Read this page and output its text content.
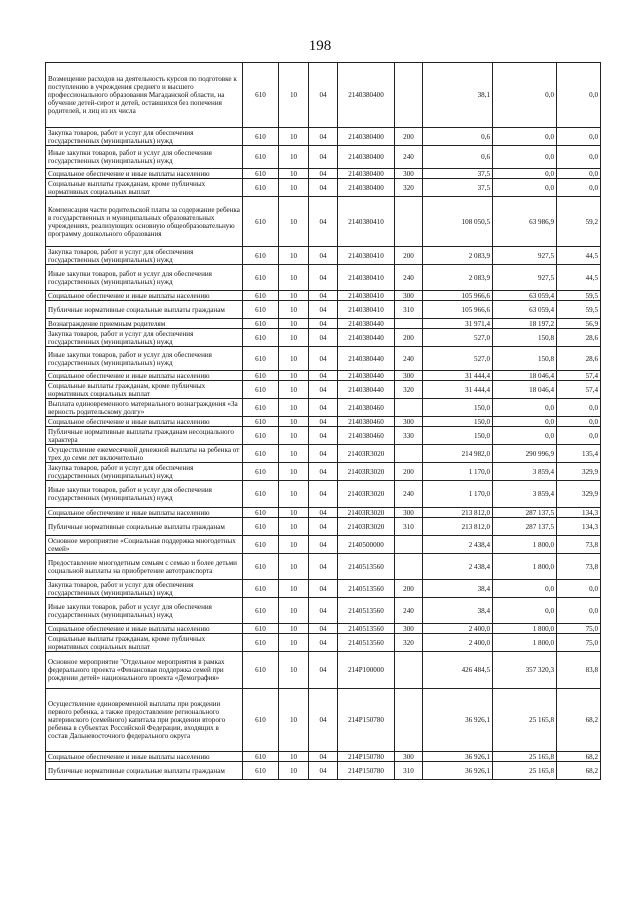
198
Возмещение расходов на деятельность курсов по подготовке к поступлению в учреждения среднего и высшего профессионального образования Магаданской области, на обучение детей-сирот и детей, оставшихся без попечения родителей, и лиц из их числа	610	10	04	2140380400		38,1	0,0	0,0
Закупка товаров, работ и услуг для обеспечения государственных (муниципальных) нужд	610	10	04	2140380400	200	0,6	0,0	0,0
Иные закупки товаров, работ и услуг для обеспечения государственных (муниципальных) нужд	610	10	04	2140380400	240	0,6	0,0	0,0
Социальное обеспечение и иные выплаты населению	610	10	04	2140380400	300	37,5	0,0	0,0
Социальные выплаты гражданам, кроме публичных нормативных социальных выплат	610	10	04	2140380400	320	37,5	0,0	0,0
Компенсация части родительской платы за содержание ребенка в государственных и муниципальных образовательных учреждениях, реализующих основную общеобразовательную программу дошкольного образования	610	10	04	2140380410		108 050,5	63 986,9	59,2
Закупка товаров, работ и услуг для обеспечения государственных (муниципальных) нужд	610	10	04	2140380410	200	2 083,9	927,5	44,5
Иные закупки товаров, работ и услуг для обеспечения государственных (муниципальных) нужд	610	10	04	2140380410	240	2 083,9	927,5	44,5
Социальное обеспечение и иные выплаты населению	610	10	04	2140380410	300	105 966,6	63 059,4	59,5
Публичные нормативные социальные выплаты гражданам	610	10	04	2140380410	310	105 966,6	63 059,4	59,5
Вознаграждение приемным родителям	610	10	04	2140380440		31 971,4	18 197,2	56,9
Закупка товаров, работ и услуг для обеспечения государственных (муниципальных) нужд	610	10	04	2140380440	200	527,0	150,8	28,6
Иные закупки товаров, работ и услуг для обеспечения государственных (муниципальных) нужд	610	10	04	2140380440	240	527,0	150,8	28,6
Социальное обеспечение и иные выплаты населению	610	10	04	2140380440	300	31 444,4	18 046,4	57,4
Социальные выплаты гражданам, кроме публичных нормативных социальных выплат	610	10	04	2140380440	320	31 444,4	18 046,4	57,4
Выплата единовременного материального вознаграждения «За верность родительскому долгу»	610	10	04	2140380460		150,0	0,0	0,0
Социальное обеспечение и иные выплаты населению	610	10	04	2140380460	300	150,0	0,0	0,0
Публичные нормативные выплаты гражданам несоциального характера	610	10	04	2140380460	330	150,0	0,0	0,0
Осуществление ежемесячной денежной выплаты на ребенка от трех до семи лет включительно	610	10	04	21403R3020		214 982,0	290 996,9	135,4
Закупка товаров, работ и услуг для обеспечения государственных (муниципальных) нужд	610	10	04	21403R3020	200	1 170,0	3 859,4	329,9
Иные закупки товаров, работ и услуг для обеспечения государственных (муниципальных) нужд	610	10	04	21403R3020	240	1 170,0	3 859,4	329,9
Социальное обеспечение и иные выплаты населению	610	10	04	21403R3020	300	213 812,0	287 137,5	134,3
Публичные нормативные социальные выплаты гражданам	610	10	04	21403R3020	310	213 812,0	287 137,5	134,3
Основное мероприятие «Социальная поддержка многодетных семей»	610	10	04	2140500000		2 438,4	1 800,0	73,8
Предоставление многодетным семьям с семью и более детьми социальной выплаты на приобретение автотранспорта	610	10	04	2140513560		2 438,4	1 800,0	73,8
Закупка товаров, работ и услуг для обеспечения государственных (муниципальных) нужд	610	10	04	2140513560	200	38,4	0,0	0,0
Иные закупки товаров, работ и услуг для обеспечения государственных (муниципальных) нужд	610	10	04	2140513560	240	38,4	0,0	0,0
Социальное обеспечение и иные выплаты населению	610	10	04	2140513560	300	2 400,0	1 800,0	75,0
Социальные выплаты гражданам, кроме публичных нормативных социальных выплат	610	10	04	2140513560	320	2 400,0	1 800,0	75,0
Основное мероприятие "Отдельное мероприятия в рамках федерального проекта «Финансовая поддержка семей при рождении детей» национального проекта «Демография»	610	10	04	214P100000		426 484,5	357 320,3	83,8
Осуществление единовременной выплаты при рождении первого ребенка, а также предоставление регионального материнского (семейного) капитала при рождении второго ребенка в субъектах Российской Федерации, входящих в состав Дальневосточного федерального округа	610	10	04	214P150780		36 926,1	25 165,8	68,2
Социальное обеспечение и иные выплаты населению	610	10	04	214P150780	300	36 926,1	25 165,8	68,2
Публичные нормативные социальные выплаты гражданам	610	10	04	214P150780	310	36 926,1	25 165,8	68,2
